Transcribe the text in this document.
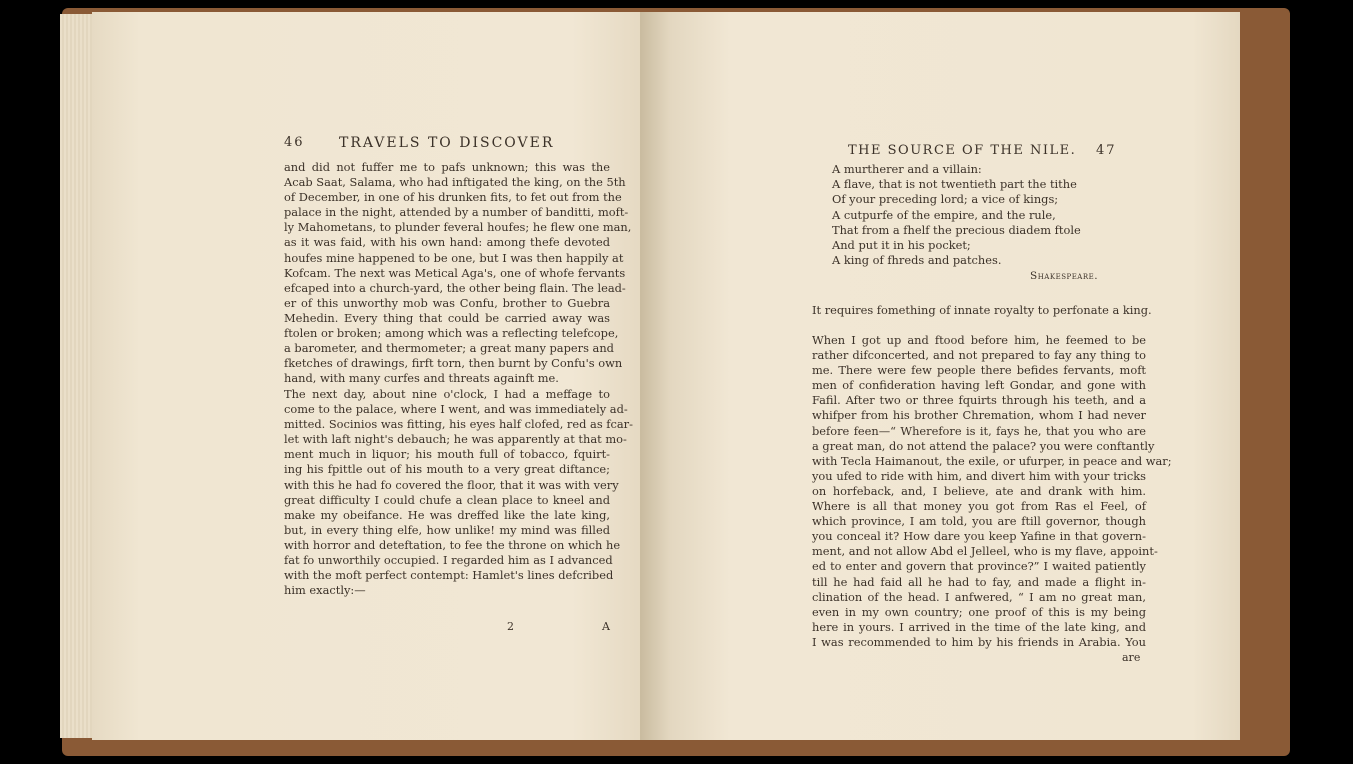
46 TRAVELS TO DISCOVER
and did not fuffer me to pafs unknown; this was the
Acab Saat, Salama, who had inftigated the king, on the 5th
of December, in one of his drunken fits, to fet out from the
palace in the night, attended by a number of banditti, moft-
ly Mahometans, to plunder feveral houfes; he flew one man,
as it was faid, with his own hand: among thefe devoted
houfes mine happened to be one, but I was then happily at
Kofcam. The next was Metical Aga's, one of whofe fervants
efcaped into a church-yard, the other being flain. The lead-
er of this unworthy mob was Confu, brother to Guebra
Mehedin. Every thing that could be carried away was
ftolen or broken; among which was a reflecting telefcope,
a barometer, and thermometer; a great many papers and
fketches of drawings, firft torn, then burnt by Confu's own
hand, with many curfes and threats againft me.
The next day, about nine o'clock, I had a meffage to
come to the palace, where I went, and was immediately ad-
mitted. Socinios was fitting, his eyes half clofed, red as fcar-
let with laft night's debauch; he was apparently at that mo-
ment much in liquor; his mouth full of tobacco, fquirt-
ing his fpittle out of his mouth to a very great diftance;
with this he had fo covered the floor, that it was with very
great difficulty I could chufe a clean place to kneel and
make my obeifance. He was dreffed like the late king,
but, in every thing elfe, how unlike! my mind was filled
with horror and deteftation, to fee the throne on which he
fat fo unworthily occupied. I regarded him as I advanced
with the moft perfect contempt: Hamlet's lines defcribed
him exactly:—
2	A
THE SOURCE OF THE NILE. 47
A murtherer and a villain:
A flave, that is not twentieth part the tithe
Of your preceding lord; a vice of kings;
A cutpurfe of the empire, and the rule,
That from a fhelf the precious diadem ftole
And put it in his pocket;
A king of fhreds and patches.
Shakespeare.
It requires fomething of innate royalty to perfonate a king.
When I got up and ftood before him, he feemed to be
rather difconcerted, and not prepared to fay any thing to
me. There were few people there befides fervants, moft
men of confideration having left Gondar, and gone with
Fafil. After two or three fquirts through his teeth, and a
whifper from his brother Chremation, whom I had never
before feen—“ Wherefore is it, fays he, that you who are
a great man, do not attend the palace? you were conftantly
with Tecla Haimanout, the exile, or ufurper, in peace and war;
you ufed to ride with him, and divert him with your tricks
on horfeback, and, I believe, ate and drank with him.
Where is all that money you got from Ras el Feel, of
which province, I am told, you are ftill governor, though
you conceal it? How dare you keep Yafine in that govern-
ment, and not allow Abd el Jelleel, who is my flave, appoint-
ed to enter and govern that province?” I waited patiently
till he had faid all he had to fay, and made a flight in-
clination of the head. I anfwered, “ I am no great man,
even in my own country; one proof of this is my being
here in yours. I arrived in the time of the late king, and
I was recommended to him by his friends in Arabia. You
are
